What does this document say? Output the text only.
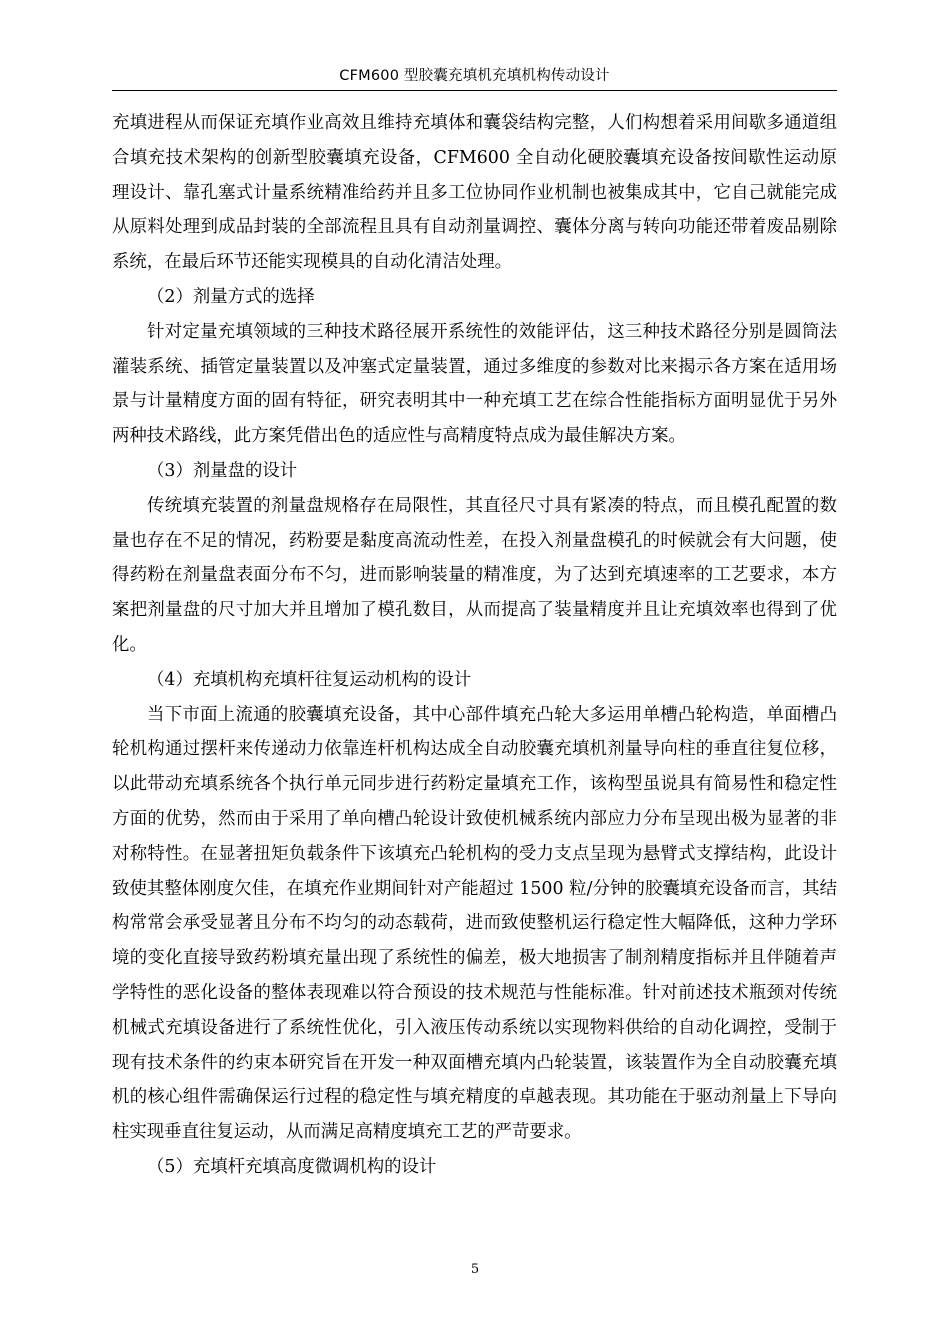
CFM600 型胶囊充填机充填机构传动设计

充填进程从而保证充填作业高效且维持充填体和囊袋结构完整，人们构想着采用间歇多通道组合填充技术架构的创新型胶囊填充设备，CFM600 全自动化硬胶囊填充设备按间歇性运动原理设计、靠孔塞式计量系统精准给药并且多工位协同作业机制也被集成其中，它自己就能完成从原料处理到成品封装的全部流程且具有自动剂量调控、囊体分离与转向功能还带着废品剔除系统，在最后环节还能实现模具的自动化清洁处理。

（2）剂量方式的选择

针对定量充填领域的三种技术路径展开系统性的效能评估，这三种技术路径分别是圆筒法灌装系统、插管定量装置以及冲塞式定量装置，通过多维度的参数对比来揭示各方案在适用场景与计量精度方面的固有特征，研究表明其中一种充填工艺在综合性能指标方面明显优于另外两种技术路线，此方案凭借出色的适应性与高精度特点成为最佳解决方案。

（3）剂量盘的设计

传统填充装置的剂量盘规格存在局限性，其直径尺寸具有紧凑的特点，而且模孔配置的数量也存在不足的情况，药粉要是黏度高流动性差，在投入剂量盘模孔的时候就会有大问题，使得药粉在剂量盘表面分布不匀，进而影响装量的精准度，为了达到充填速率的工艺要求，本方案把剂量盘的尺寸加大并且增加了模孔数目，从而提高了装量精度并且让充填效率也得到了优化。

（4）充填机构充填杆往复运动机构的设计

当下市面上流通的胶囊填充设备，其中心部件填充凸轮大多运用单槽凸轮构造，单面槽凸轮机构通过摆杆来传递动力依靠连杆机构达成全自动胶囊充填机剂量导向柱的垂直往复位移，以此带动充填系统各个执行单元同步进行药粉定量填充工作，该构型虽说具有简易性和稳定性方面的优势，然而由于采用了单向槽凸轮设计致使机械系统内部应力分布呈现出极为显著的非对称特性。在显著扭矩负载条件下该填充凸轮机构的受力支点呈现为悬臂式支撑结构，此设计致使其整体刚度欠佳，在填充作业期间针对产能超过 1500 粒/分钟的胶囊填充设备而言，其结构常常会承受显著且分布不均匀的动态载荷，进而致使整机运行稳定性大幅降低，这种力学环境的变化直接导致药粉填充量出现了系统性的偏差，极大地损害了制剂精度指标并且伴随着声学特性的恶化设备的整体表现难以符合预设的技术规范与性能标准。针对前述技术瓶颈对传统机械式充填设备进行了系统性优化，引入液压传动系统以实现物料供给的自动化调控，受制于现有技术条件的约束本研究旨在开发一种双面槽充填内凸轮装置，该装置作为全自动胶囊充填机的核心组件需确保运行过程的稳定性与填充精度的卓越表现。其功能在于驱动剂量上下导向柱实现垂直往复运动，从而满足高精度填充工艺的严苛要求。

（5）充填杆充填高度微调机构的设计

5
